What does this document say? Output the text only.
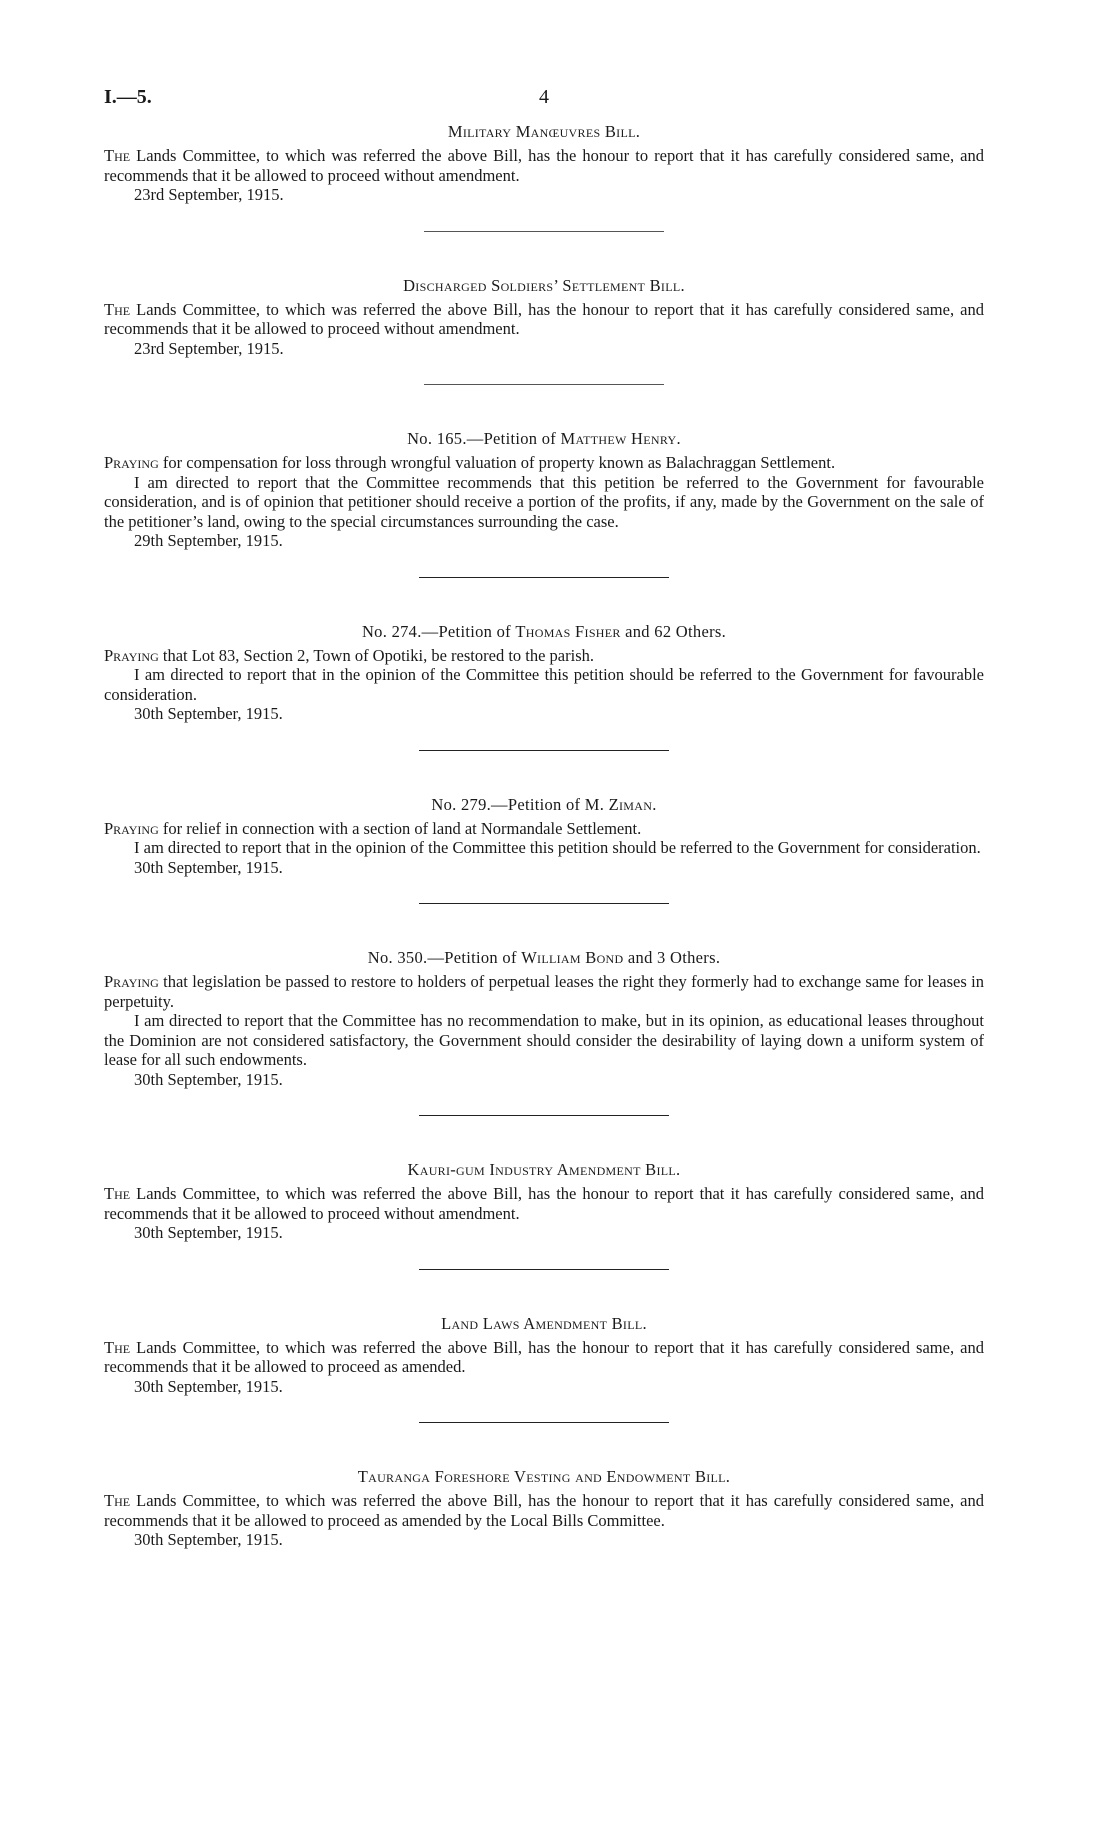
I.—5.	4
Military Manœuvres Bill.

The Lands Committee, to which was referred the above Bill, has the honour to report that it has carefully considered same, and recommends that it be allowed to proceed without amendment.

23rd September, 1915.

Discharged Soldiers’ Settlement Bill.

The Lands Committee, to which was referred the above Bill, has the honour to report that it has carefully considered same, and recommends that it be allowed to proceed without amendment.

23rd September, 1915.

No. 165.—Petition of Matthew Henry.

Praying for compensation for loss through wrongful valuation of property known as Balachraggan Settlement.

I am directed to report that the Committee recommends that this petition be referred to the Government for favourable consideration, and is of opinion that petitioner should receive a portion of the profits, if any, made by the Government on the sale of the petitioner’s land, owing to the special circumstances surrounding the case.

29th September, 1915.

No. 274.—Petition of Thomas Fisher and 62 Others.

Praying that Lot 83, Section 2, Town of Opotiki, be restored to the parish.

I am directed to report that in the opinion of the Committee this petition should be referred to the Government for favourable consideration.

30th September, 1915.

No. 279.—Petition of M. Ziman.

Praying for relief in connection with a section of land at Normandale Settlement.

I am directed to report that in the opinion of the Committee this petition should be referred to the Government for consideration.

30th September, 1915.

No. 350.—Petition of William Bond and 3 Others.

Praying that legislation be passed to restore to holders of perpetual leases the right they formerly had to exchange same for leases in perpetuity.

I am directed to report that the Committee has no recommendation to make, but in its opinion, as educational leases throughout the Dominion are not considered satisfactory, the Government should consider the desirability of laying down a uniform system of lease for all such endowments.

30th September, 1915.

Kauri-gum Industry Amendment Bill.

The Lands Committee, to which was referred the above Bill, has the honour to report that it has carefully considered same, and recommends that it be allowed to proceed without amendment.

30th September, 1915.

Land Laws Amendment Bill.

The Lands Committee, to which was referred the above Bill, has the honour to report that it has carefully considered same, and recommends that it be allowed to proceed as amended.

30th September, 1915.

Tauranga Foreshore Vesting and Endowment Bill.

The Lands Committee, to which was referred the above Bill, has the honour to report that it has carefully considered same, and recommends that it be allowed to proceed as amended by the Local Bills Committee.

30th September, 1915.
